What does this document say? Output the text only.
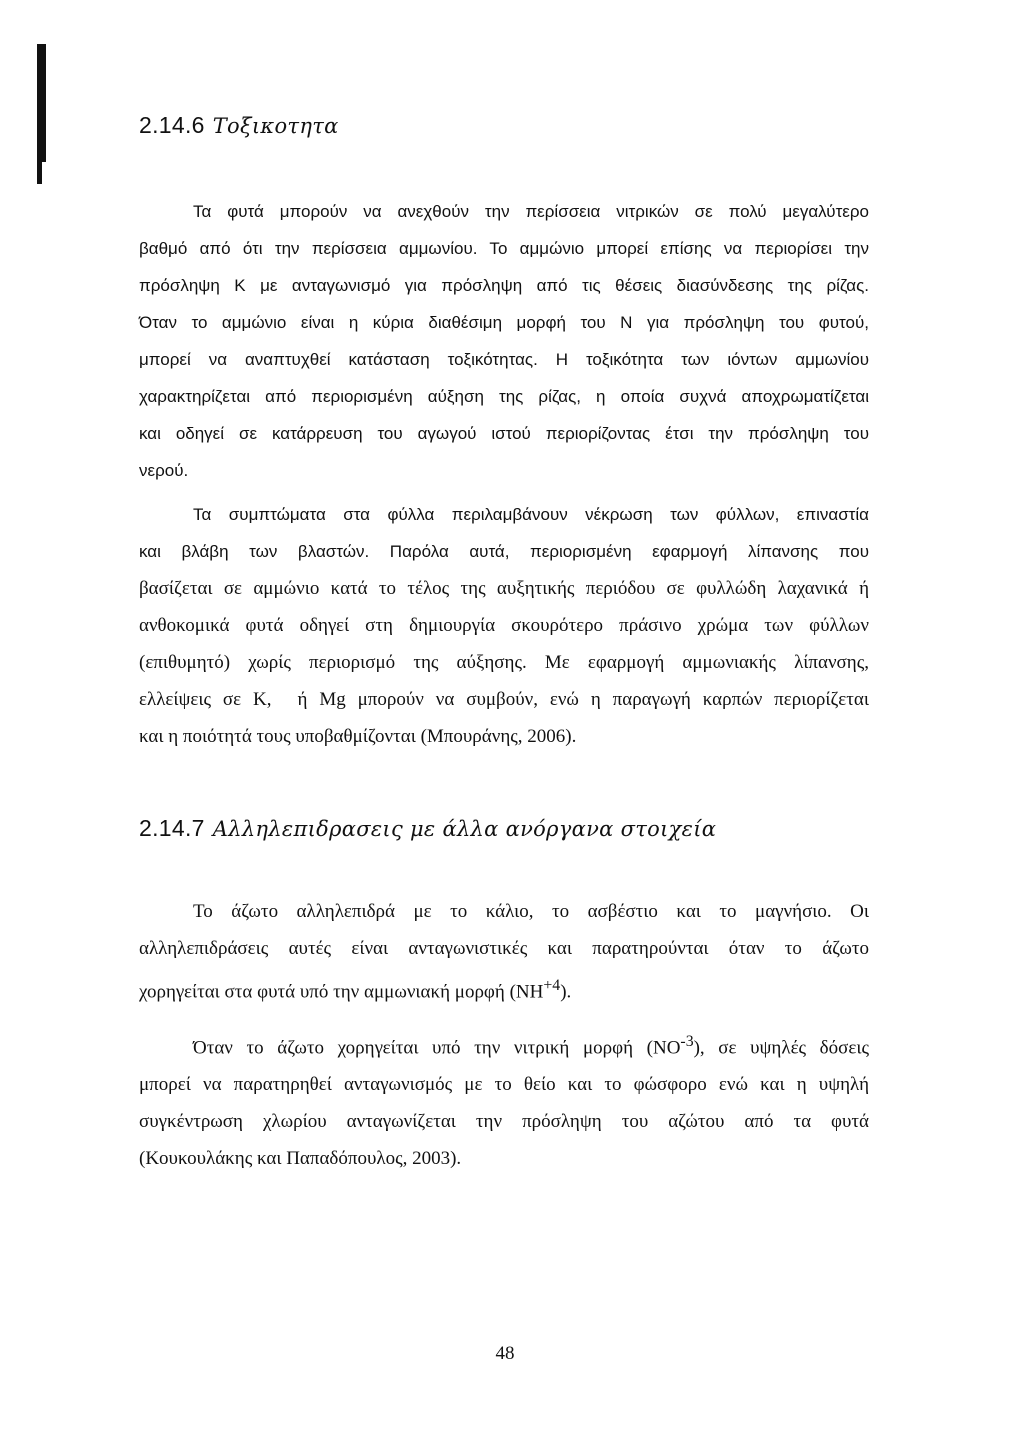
2.14.6 Τοξικοτητα
Τα φυτά μπορούν να ανεχθούν την περίσσεια νιτρικών σε πολύ μεγαλύτερο
βαθμό από ότι την περίσσεια αμμωνίου. Το αμμώνιο μπορεί επίσης να περιορίσει την
πρόσληψη Κ με ανταγωνισμό για πρόσληψη από τις θέσεις διασύνδεσης της ρίζας.
Όταν το αμμώνιο είναι η κύρια διαθέσιμη μορφή του Ν για πρόσληψη του φυτού,
μπορεί να αναπτυχθεί κατάσταση τοξικότητας. Η τοξικότητα των ιόντων αμμωνίου
χαρακτηρίζεται από περιορισμένη αύξηση της ρίζας, η οποία συχνά αποχρωματίζεται
και οδηγεί σε κατάρρευση του αγωγού ιστού περιορίζοντας έτσι την πρόσληψη του
νερού.
Τα συμπτώματα στα φύλλα περιλαμβάνουν νέκρωση των φύλλων, επιναστία
και βλάβη των βλαστών. Παρόλα αυτά, περιορισμένη εφαρμογή λίπανσης που
βασίζεται σε αμμώνιο κατά το τέλος της αυξητικής περιόδου σε φυλλώδη λαχανικά ή
ανθοκομικά φυτά οδηγεί στη δημιουργία σκουρότερο πράσινο χρώμα των φύλλων
(επιθυμητό) χωρίς περιορισμό της αύξησης. Με εφαρμογή αμμωνιακής λίπανσης,
ελλείψεις σε Κ, ή Mg μπορούν να συμβούν, ενώ η παραγωγή καρπών περιορίζεται
και η ποιότητά τους υποβαθμίζονται (Μπουράνης, 2006).
2.14.7 Αλληλεπιδρασεις με άλλα ανόργανα στοιχεία
Το άζωτο αλληλεπιδρά με το κάλιο, το ασβέστιο και το μαγνήσιο. Οι
αλληλεπιδράσεις αυτές είναι ανταγωνιστικές και παρατηρούνται όταν το άζωτο
χορηγείται στα φυτά υπό την αμμωνιακή μορφή $(NH^{+4})$.
Όταν το άζωτο χορηγείται υπό την νιτρική μορφή $(NO^{-3})$, σε υψηλές δόσεις
μπορεί να παρατηρηθεί ανταγωνισμός με το θείο και το φώσφορο ενώ και η υψηλή
συγκέντρωση χλωρίου ανταγωνίζεται την πρόσληψη του αζώτου από τα φυτά
(Κουκουλάκης και Παπαδόπουλος, 2003).
48
